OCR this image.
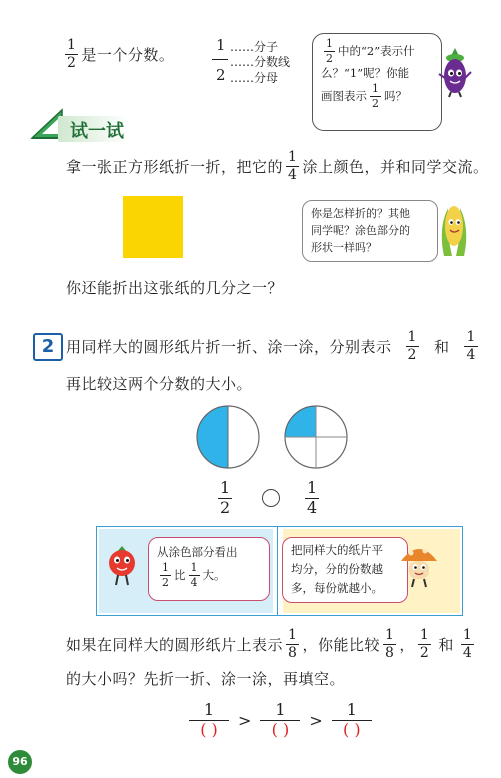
$\frac{1}{2}$ 是一个分数。
1 ……分子
……分数线
2 ……分母
$\frac{1}{2}$ 中的“2”表示什
么？“1”呢？你能
画图表示 $\frac{1}{2}$ 吗？
试一试
拿一张正方形纸折一折，把它的 $\frac{1}{4}$ 涂上颜色，并和同学交流。
你是怎样折的？其他
同学呢？涂色部分的
形状一样吗？
你还能折出这张纸的几分之一？
2 用同样大的圆形纸片折一折、涂一涂，分别表示 $\frac{1}{2}$ 和 $\frac{1}{4}$
再比较这两个分数的大小。
$\frac{1}{2}$	$\frac{1}{4}$
从涂色部分看出
$\frac{1}{2}$ 比 $\frac{1}{4}$ 大。
把同样大的纸片平
均分，分的份数越
多，每份就越小。
如果在同样大的圆形纸片上表示 $\frac{1}{8}$ ，你能比较 $\frac{1}{8}$ ， $\frac{1}{2}$ 和 $\frac{1}{4}$
的大小吗？先折一折、涂一涂，再填空。
$\frac{1}{( )} > \frac{1}{( )} > \frac{1}{( )}$
96
